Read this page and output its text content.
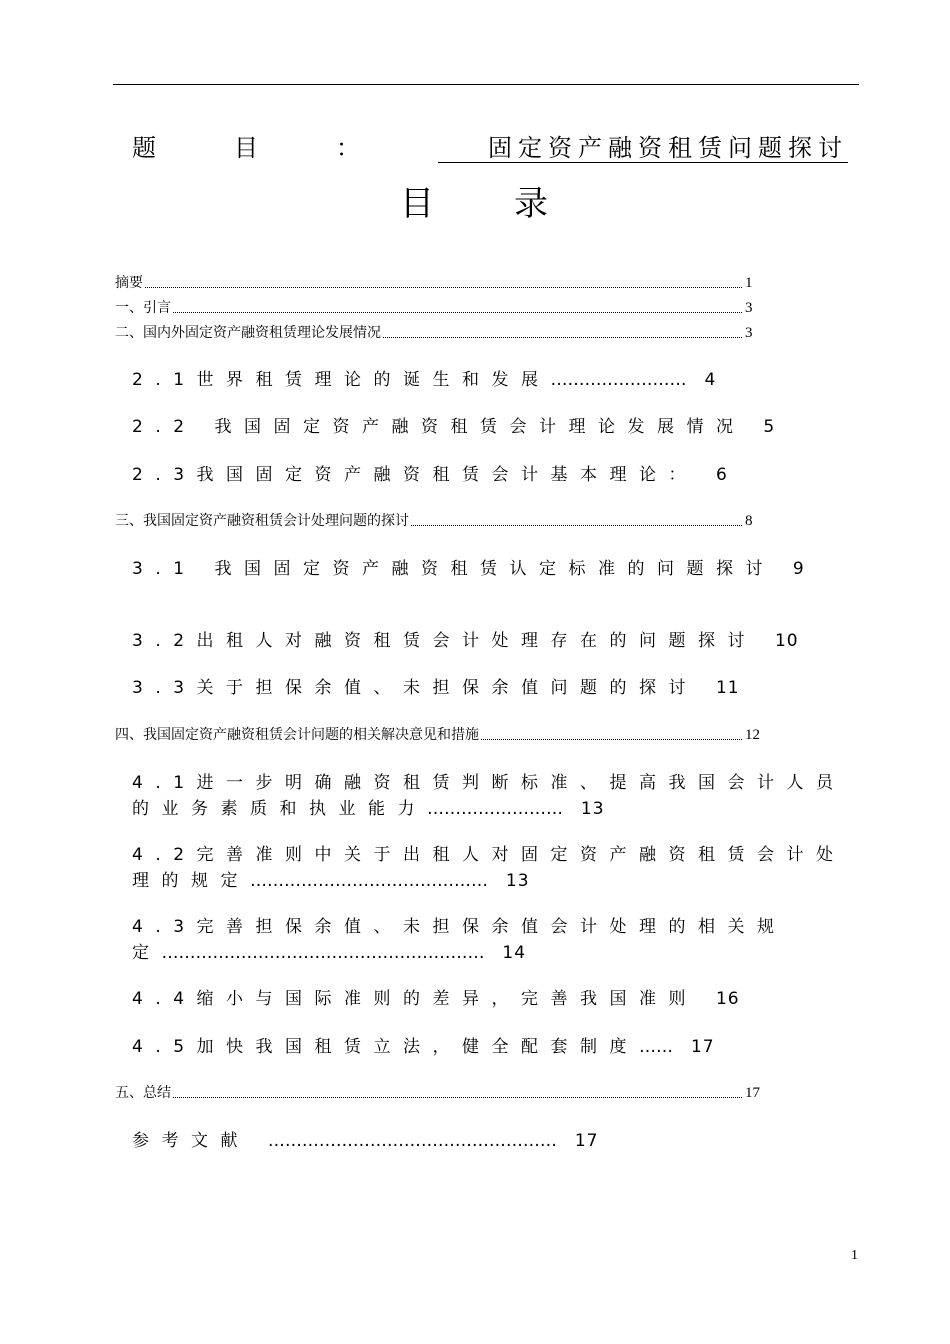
题目： 固定资产融资租赁问题探讨
目录
摘要	1
一、引言	3
二、国内外固定资产融资租赁理论发展情况	3
2.1世界租赁理论的诞生和发展…………………… 4
2.2 我国固定资产融资租赁会计理论发展情况 5
2.3我国固定资产融资租赁会计基本理论： 6
三、我国固定资产融资租赁会计处理问题的探讨	8
3.1 我国固定资产融资租赁认定标准的问题探讨 9
3.2出租人对融资租赁会计处理存在的问题探讨 10
3.3关于担保余值、未担保余值问题的探讨 11
四、我国固定资产融资租赁会计问题的相关解决意见和措施	12
4.1进一步明确融资租赁判断标准、提高我国会计人员的业务素质和执业能力…………………… 13
4.2完善准则中关于出租人对固定资产融资租赁会计处理的规定…………………………………… 13
4.3完善担保余值、未担保余值会计处理的相关规定………………………………………………… 14
4.4缩小与国际准则的差异，完善我国准则 16
4.5加快我国租赁立法，健全配套制度…… 17
五、总结	17
参考文献 …………………………………………… 17
1
